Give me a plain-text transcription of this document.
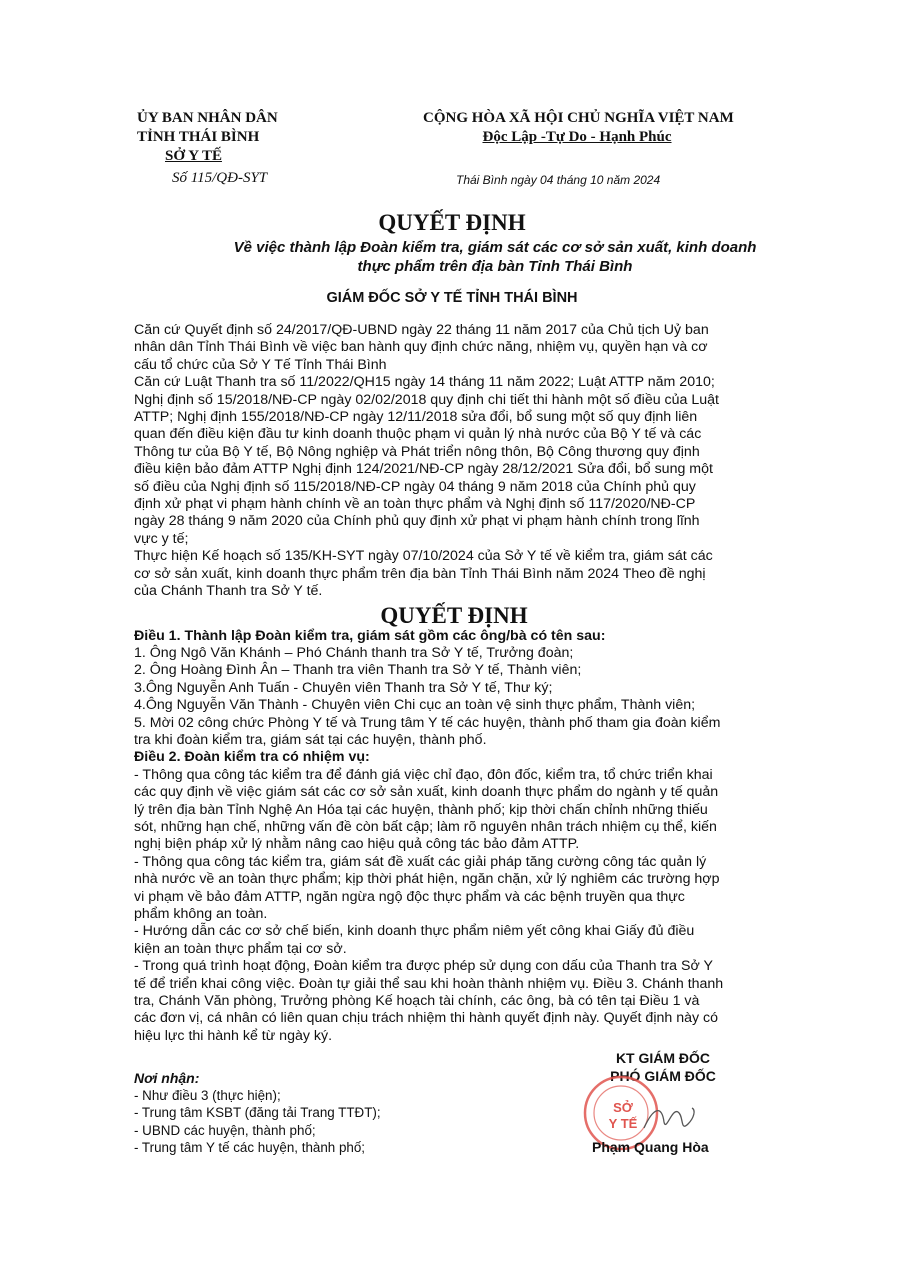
ỦY BAN NHÂN DÂN
TỈNH THÁI BÌNH
SỞ Y TẾ
Số 115/QĐ-SYT
CỘNG HÒA XÃ HỘI CHỦ NGHĨA VIỆT NAM
Độc Lập -Tự Do - Hạnh Phúc
Thái Bình ngày 04 tháng 10 năm 2024
QUYẾT ĐỊNH
Về việc thành lập Đoàn kiểm tra, giám sát các cơ sở sản xuất, kinh doanh
thực phẩm trên địa bàn Tỉnh Thái Bình
GIÁM ĐỐC SỞ Y TẾ TỈNH THÁI BÌNH

Căn cứ Quyết định số 24/2017/QĐ-UBND ngày 22 tháng 11 năm 2017 của Chủ tịch Uỷ ban

nhân dân Tỉnh Thái Bình về việc ban hành quy định chức năng, nhiệm vụ, quyền hạn và cơ

cấu tổ chức của Sở Y Tế Tỉnh Thái Bình

Căn cứ Luật Thanh tra số 11/2022/QH15 ngày 14 tháng 11 năm 2022; Luật ATTP năm 2010;

Nghị định số 15/2018/NĐ-CP ngày 02/02/2018 quy định chi tiết thi hành một số điều của Luật

ATTP; Nghị định 155/2018/NĐ-CP ngày 12/11/2018 sửa đổi, bổ sung một số quy định liên

quan đến điều kiện đầu tư kinh doanh thuộc phạm vi quản lý nhà nước của Bộ Y tế và các

Thông tư của Bộ Y tế, Bộ Nông nghiệp và Phát triển nông thôn, Bộ Công thương quy định

điều kiện bảo đảm ATTP Nghị định 124/2021/NĐ-CP ngày 28/12/2021 Sửa đổi, bổ sung một

số điều của Nghị định số 115/2018/NĐ-CP ngày 04 tháng 9 năm 2018 của Chính phủ quy

định xử phạt vi phạm hành chính về an toàn thực phẩm và Nghị định số 117/2020/NĐ-CP

ngày 28 tháng 9 năm 2020 của Chính phủ quy định xử phạt vi phạm hành chính trong lĩnh

vực y tế;

Thực hiện Kế hoạch số 135/KH-SYT ngày 07/10/2024 của Sở Y tế về kiểm tra, giám sát các

cơ sở sản xuất, kinh doanh thực phẩm trên địa bàn Tỉnh Thái Bình năm 2024 Theo đề nghị

của Chánh Thanh tra Sở Y tế.

QUYẾT ĐỊNH

Điều 1. Thành lập Đoàn kiểm tra, giám sát gồm các ông/bà có tên sau:

1. Ông Ngô Văn Khánh – Phó Chánh thanh tra Sở Y tế, Trưởng đoàn;

2. Ông Hoàng Đình Ân – Thanh tra viên Thanh tra Sở Y tế, Thành viên;

3.Ông Nguyễn Anh Tuấn - Chuyên viên Thanh tra Sở Y tế, Thư ký;

4.Ông Nguyễn Văn Thành - Chuyên viên Chi cục an toàn vệ sinh thực phẩm, Thành viên;

5. Mời 02 công chức Phòng Y tế và Trung tâm Y tế các huyện, thành phố tham gia đoàn kiểm

tra khi đoàn kiểm tra, giám sát tại các huyện, thành phố.

Điều 2. Đoàn kiểm tra có nhiệm vụ:

- Thông qua công tác kiểm tra để đánh giá việc chỉ đạo, đôn đốc, kiểm tra, tổ chức triển khai

các quy định về việc giám sát các cơ sở sản xuất, kinh doanh thực phẩm do ngành y tế quản

lý trên địa bàn Tỉnh Nghệ An Hóa tại các huyện, thành phố; kịp thời chấn chỉnh những thiếu

sót, những hạn chế, những vấn đề còn bất cập; làm rõ nguyên nhân trách nhiệm cụ thể, kiến

nghị biện pháp xử lý nhằm nâng cao hiệu quả công tác bảo đảm ATTP.

- Thông qua công tác kiểm tra, giám sát đề xuất các giải pháp tăng cường công tác quản lý

nhà nước về an toàn thực phẩm; kịp thời phát hiện, ngăn chặn, xử lý nghiêm các trường hợp

vi phạm về bảo đảm ATTP, ngăn ngừa ngộ độc thực phẩm và các bệnh truyền qua thực

phẩm không an toàn.

- Hướng dẫn các cơ sở chế biến, kinh doanh thực phẩm niêm yết công khai Giấy đủ điều

kiện an toàn thực phẩm tại cơ sở.

- Trong quá trình hoạt động, Đoàn kiểm tra được phép sử dụng con dấu của Thanh tra Sở Y

tế để triển khai công việc. Đoàn tự giải thể sau khi hoàn thành nhiệm vụ. Điều 3. Chánh thanh

tra, Chánh Văn phòng, Trưởng phòng Kế hoạch tài chính, các ông, bà có tên tại Điều 1 và

các đơn vị, cá nhân có liên quan chịu trách nhiệm thi hành quyết định này. Quyết định này có

hiệu lực thi hành kể từ ngày ký.

KT GIÁM ĐỐC
PHÓ GIÁM ĐỐC
SỞ
Y TẾ
Phạm Quang Hòa
Nơi nhận:
- Như điều 3 (thực hiện);
- Trung tâm KSBT (đăng tải Trang TTĐT);
- UBND các huyện, thành phố;
- Trung tâm Y tế các huyện, thành phố;
